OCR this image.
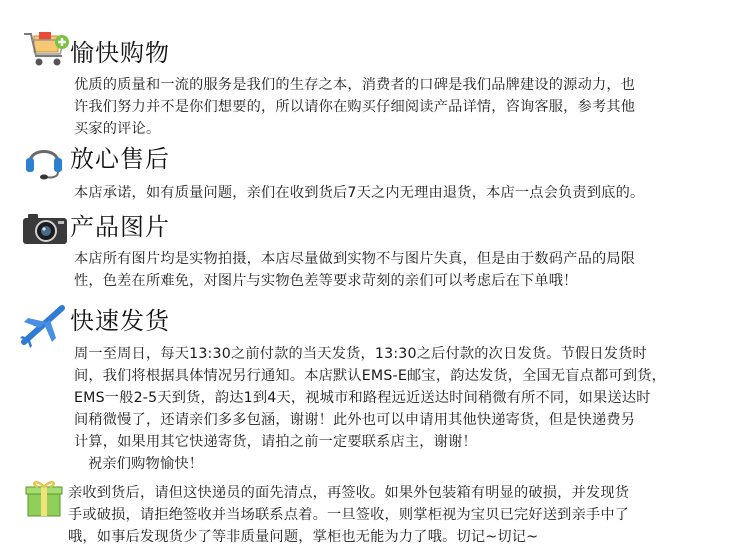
愉快购物

优质的质量和一流的服务是我们的生存之本，消费者的口碑是我们品牌建设的源动力，也

许我们努力并不是你们想要的，所以请你在购买仔细阅读产品详情，咨询客服，参考其他

买家的评论。

放心售后

本店承诺，如有质量问题，亲们在收到货后7天之内无理由退货，本店一点会负责到底的。

产品图片

本店所有图片均是实物拍摄，本店尽量做到实物不与图片失真，但是由于数码产品的局限

性，色差在所难免，对图片与实物色差等要求苛刻的亲们可以考虑后在下单哦！

快速发货

周一至周日，每天13:30之前付款的当天发货，13:30之后付款的次日发货。节假日发货时

间，我们将根据具体情况另行通知。本店默认EMS-E邮宝，韵达发货，全国无盲点都可到货，

EMS一般2-5天到货，韵达1到4天，视城市和路程远近送达时间稍微有所不同，如果送达时

间稍微慢了，还请亲们多多包涵，谢谢！此外也可以申请用其他快递寄货，但是快递费另

计算，如果用其它快递寄货，请拍之前一定要联系店主，谢谢！

祝亲们购物愉快！

亲收到货后，请但这快递员的面先清点，再签收。如果外包装箱有明显的破损，并发现货

手或破损，请拒绝签收并当场联系点着。一旦签收，则掌柜视为宝贝已完好送到亲手中了

哦，如事后发现货少了等非质量问题，掌柜也无能为力了哦。切记~切记~
